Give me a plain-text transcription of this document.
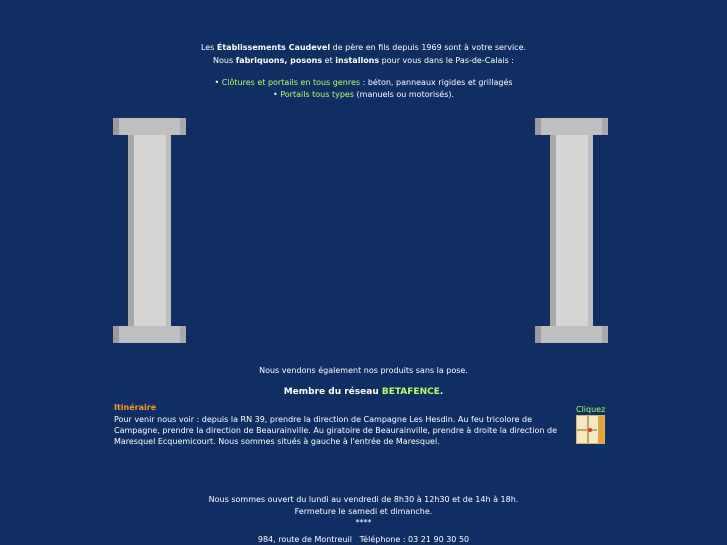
Les Établissements Caudevel de père en fils depuis 1969 sont à votre service.
Nous fabriquons, posons et installons pour vous dans le Pas-de-Calais :
• Clôtures et portails en tous genres : béton, panneaux rigides et grillagés
• Portails tous types (manuels ou motorisés).
Nous vendons également nos produits sans la pose.
Membre du réseau BETAFENCE.
Itinéraire
Pour venir nous voir : depuis la RN 39, prendre la direction de Campagne Les Hesdin. Au feu tricolore de Campagne, prendre la direction de Beaurainville. Au giratoire de Beaurainville, prendre à droite la direction de Maresquel Ecquemicourt. Nous sommes situés à gauche à l'entrée de Maresquel.
Cliquez
Nous sommes ouvert du lundi au vendredi de 8h30 à 12h30 et de 14h à 18h.
Fermeture le samedi et dimanche.
****
984, route de Montreuil Téléphone : 03 21 90 30 50
